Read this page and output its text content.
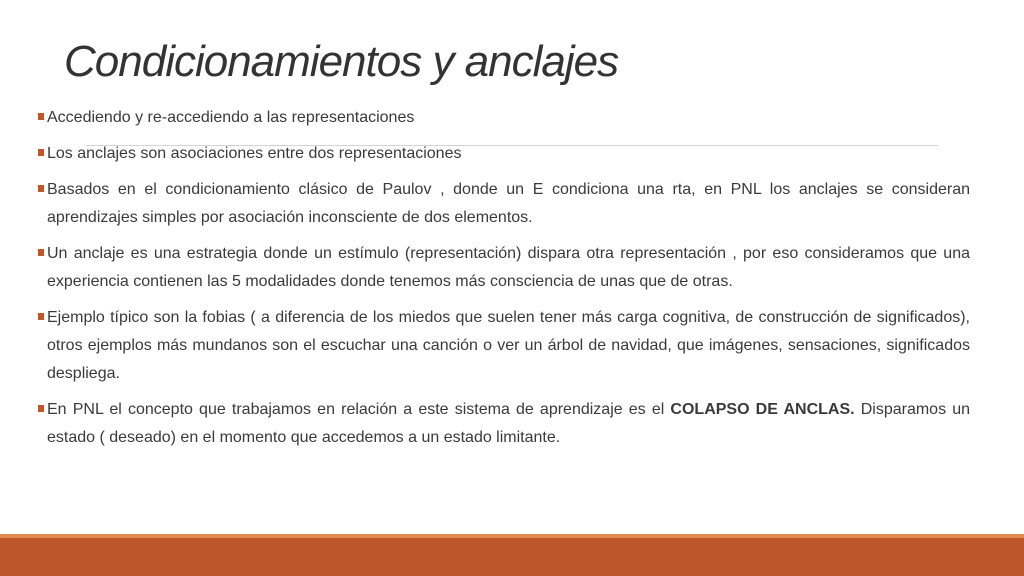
Condicionamientos y anclajes
Accediendo y re-accediendo a las representaciones
Los anclajes son asociaciones entre dos representaciones
Basados en el condicionamiento clásico de Paulov , donde un E condiciona una rta, en PNL los anclajes se consideran aprendizajes simples por asociación inconsciente de dos elementos.
Un anclaje es una estrategia donde un estímulo (representación) dispara otra representación , por eso consideramos que una experiencia contienen las 5 modalidades donde tenemos más consciencia de unas que de otras.
Ejemplo típico son la fobias ( a diferencia de los miedos que suelen tener más carga cognitiva, de construcción de significados), otros ejemplos más mundanos son el escuchar una canción o ver un árbol de navidad, que imágenes, sensaciones, significados despliega.
En PNL el concepto que trabajamos en relación a este sistema de aprendizaje es el COLAPSO DE ANCLAS. Disparamos un estado ( deseado) en el momento que accedemos a un estado limitante.
